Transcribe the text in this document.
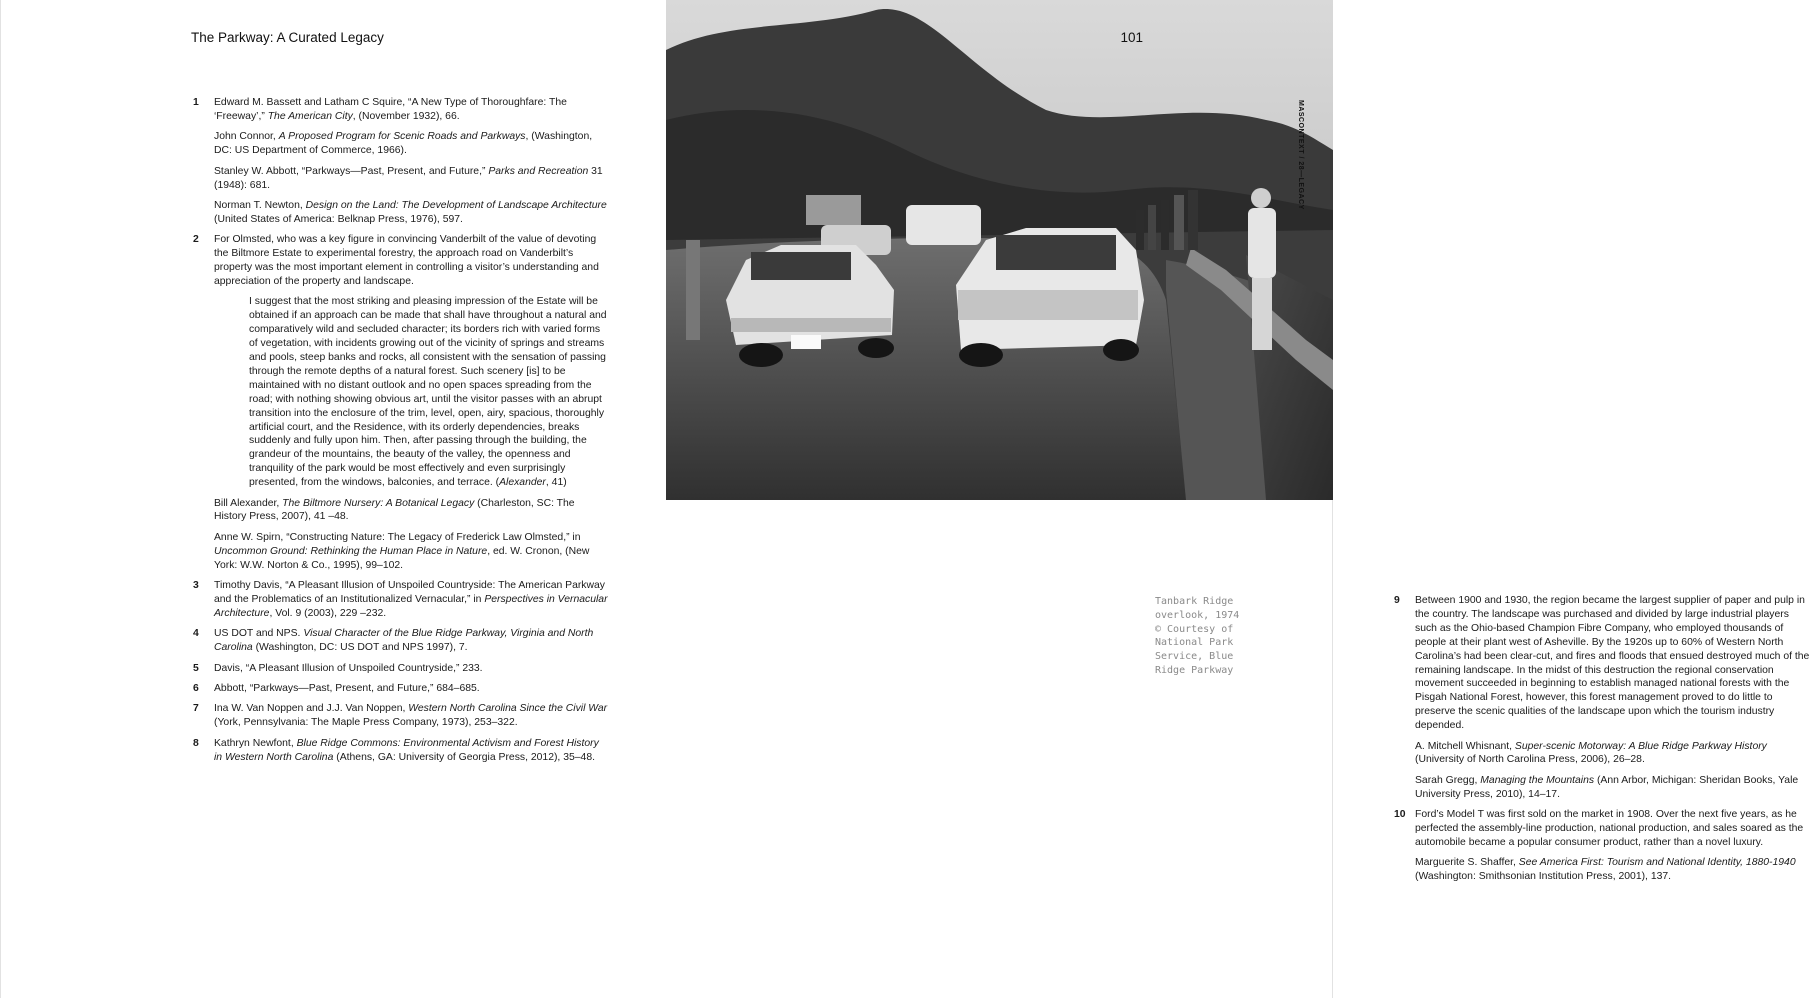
The Parkway: A Curated Legacy
1 Edward M. Bassett and Latham C Squire, “A New Type of Thoroughfare: The ‘Freeway’,” The American City, (November 1932), 66.
John Connor, A Proposed Program for Scenic Roads and Parkways, (Washington, DC: US Department of Commerce, 1966).
Stanley W. Abbott, “Parkways—Past, Present, and Future,” Parks and Recreation 31 (1948): 681.
Norman T. Newton, Design on the Land: The Development of Landscape Architecture (United States of America: Belknap Press, 1976), 597.
2 For Olmsted, who was a key figure in convincing Vanderbilt of the value of devoting the Biltmore Estate to experimental forestry, the approach road on Vanderbilt’s property was the most important element in controlling a visitor’s understanding and appreciation of the property and landscape.
I suggest that the most striking and pleasing impression of the Estate will be obtained if an approach can be made that shall have throughout a natural and comparatively wild and secluded character; its borders rich with varied forms of vegetation, with incidents growing out of the vicinity of springs and streams and pools, steep banks and rocks, all consistent with the sensation of passing through the remote depths of a natural forest. Such scenery [is] to be maintained with no distant outlook and no open spaces spreading from the road; with nothing showing obvious art, until the visitor passes with an abrupt transition into the enclosure of the trim, level, open, airy, spacious, thoroughly artificial court, and the Residence, with its orderly dependencies, breaks suddenly and fully upon him. Then, after passing through the building, the grandeur of the mountains, the beauty of the valley, the openness and tranquility of the park would be most effectively and even surprisingly presented, from the windows, balconies, and terrace. (Alexander, 41)
Bill Alexander, The Biltmore Nursery: A Botanical Legacy (Charleston, SC: The History Press, 2007), 41 –48.
Anne W. Spirn, “Constructing Nature: The Legacy of Frederick Law Olmsted,” in Uncommon Ground: Rethinking the Human Place in Nature, ed. W. Cronon, (New York: W.W. Norton & Co., 1995), 99–102.
3 Timothy Davis, “A Pleasant Illusion of Unspoiled Countryside: The American Parkway and the Problematics of an Institutionalized Vernacular,” in Perspectives in Vernacular Architecture, Vol. 9 (2003), 229 –232.
4 US DOT and NPS. Visual Character of the Blue Ridge Parkway, Virginia and North Carolina (Washington, DC: US DOT and NPS 1997), 7.
5 Davis, “A Pleasant Illusion of Unspoiled Countryside,” 233.
6 Abbott, “Parkways—Past, Present, and Future,” 684–685.
7 Ina W. Van Noppen and J.J. Van Noppen, Western North Carolina Since the Civil War (York, Pennsylvania: The Maple Press Company, 1973), 253–322.
8 Kathryn Newfont, Blue Ridge Commons: Environmental Activism and Forest History in Western North Carolina (Athens, GA: University of Georgia Press, 2012), 35–48.
9 Between 1900 and 1930, the region became the largest supplier of paper and pulp in the country. The landscape was purchased and divided by large industrial players such as the Ohio-based Champion Fibre Company, who employed thousands of people at their plant west of Asheville. By the 1920s up to 60% of Western North Carolina’s had been clear-cut, and fires and floods that ensued destroyed much of the remaining landscape. In the midst of this destruction the regional conservation movement succeeded in beginning to establish managed national forests with the Pisgah National Forest, however, this forest management proved to do little to preserve the scenic qualities of the landscape upon which the tourism industry depended.
A. Mitchell Whisnant, Super-scenic Motorway: A Blue Ridge Parkway History (University of North Carolina Press, 2006), 26–28.
Sarah Gregg, Managing the Mountains (Ann Arbor, Michigan: Sheridan Books, Yale University Press, 2010), 14–17.
10 Ford’s Model T was first sold on the market in 1908. Over the next five years, as he perfected the assembly-line production, national production, and sales soared as the automobile became a popular consumer product, rather than a novel luxury.
Marguerite S. Shaffer, See America First: Tourism and National Identity, 1880-1940 (Washington: Smithsonian Institution Press, 2001), 137.
101
MASCONTEXT / 28—LEGACY
Tanbark Ridge
overlook, 1974
© Courtesy of
National Park
Service, Blue
Ridge Parkway
